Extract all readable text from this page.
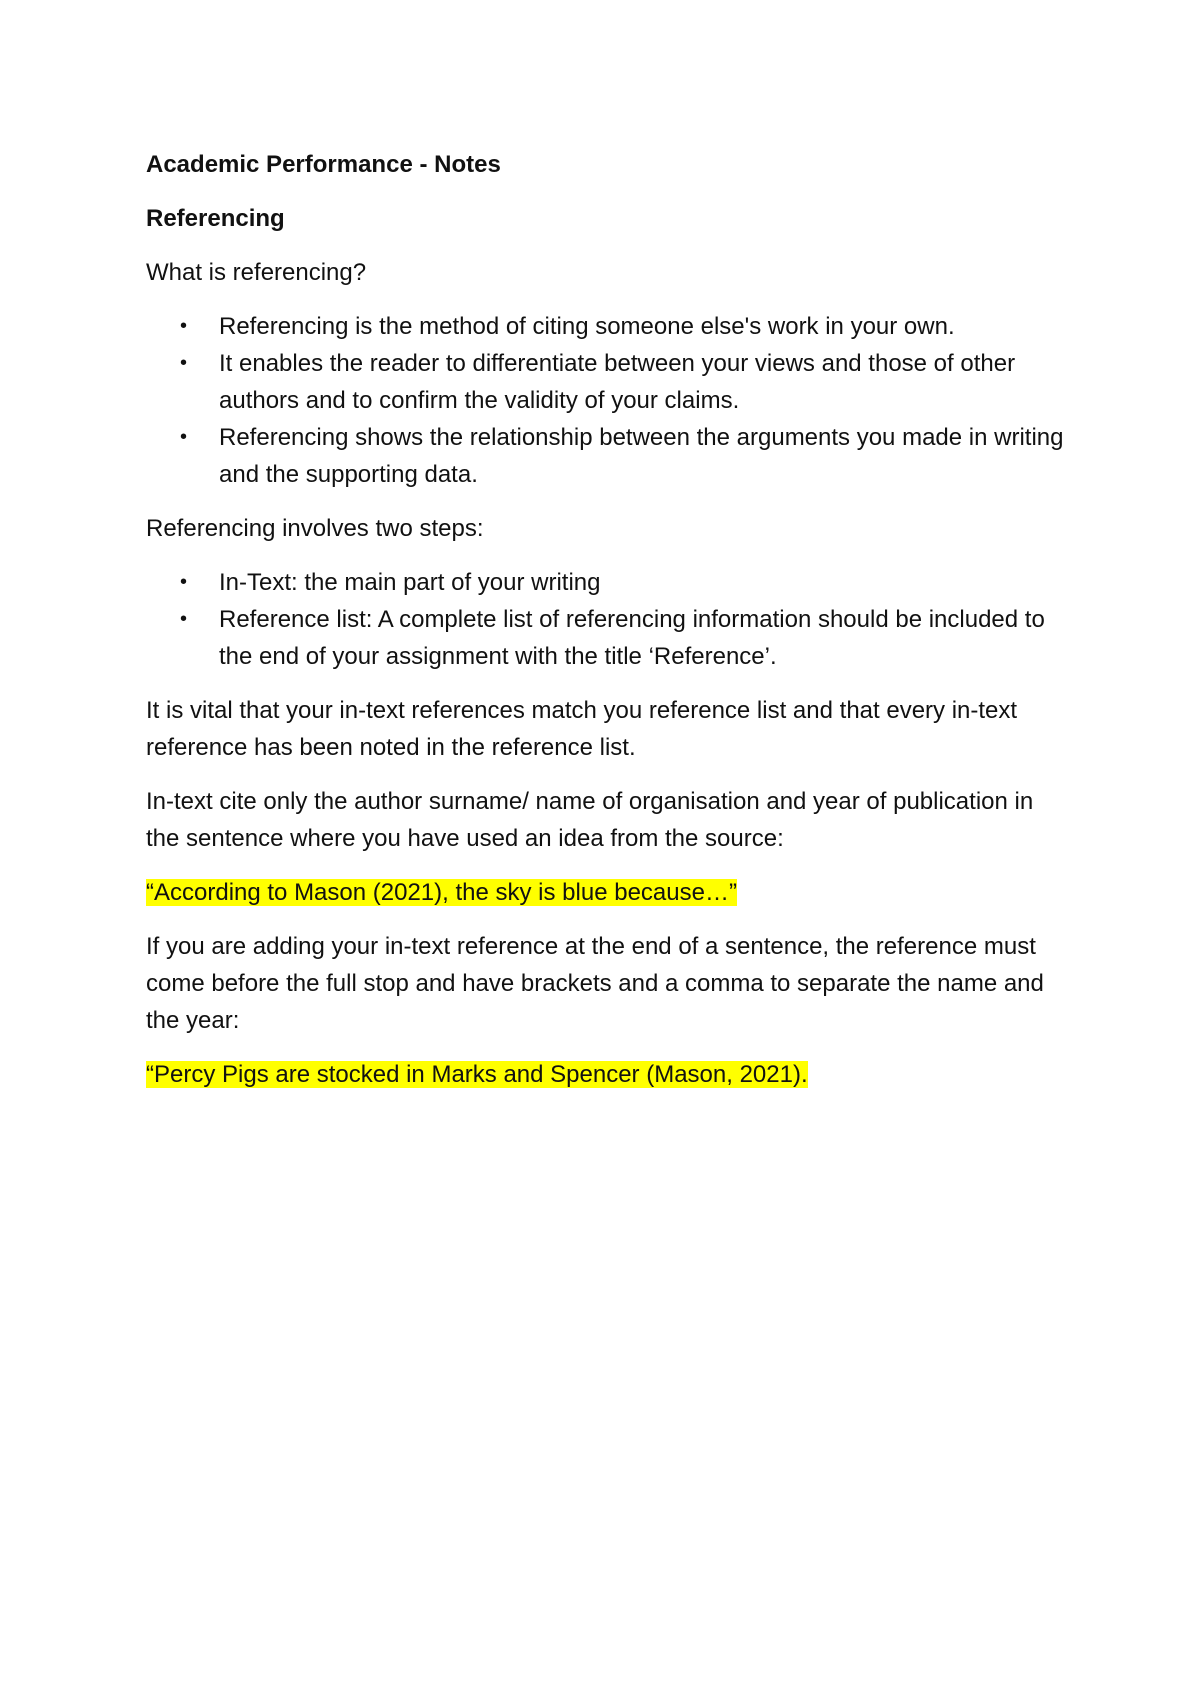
Academic Performance - Notes

Referencing

What is referencing?

• Referencing is the method of citing someone else's work in your own.
• It enables the reader to differentiate between your views and those of other authors and to confirm the validity of your claims.
• Referencing shows the relationship between the arguments you made in writing and the supporting data.

Referencing involves two steps:

• In-Text: the main part of your writing
• Reference list: A complete list of referencing information should be included to the end of your assignment with the title ‘Reference’.

It is vital that your in-text references match you reference list and that every in-text reference has been noted in the reference list.

In-text cite only the author surname/ name of organisation and year of publication in the sentence where you have used an idea from the source:

“According to Mason (2021), the sky is blue because…”

If you are adding your in-text reference at the end of a sentence, the reference must come before the full stop and have brackets and a comma to separate the name and the year:

“Percy Pigs are stocked in Marks and Spencer (Mason, 2021).
